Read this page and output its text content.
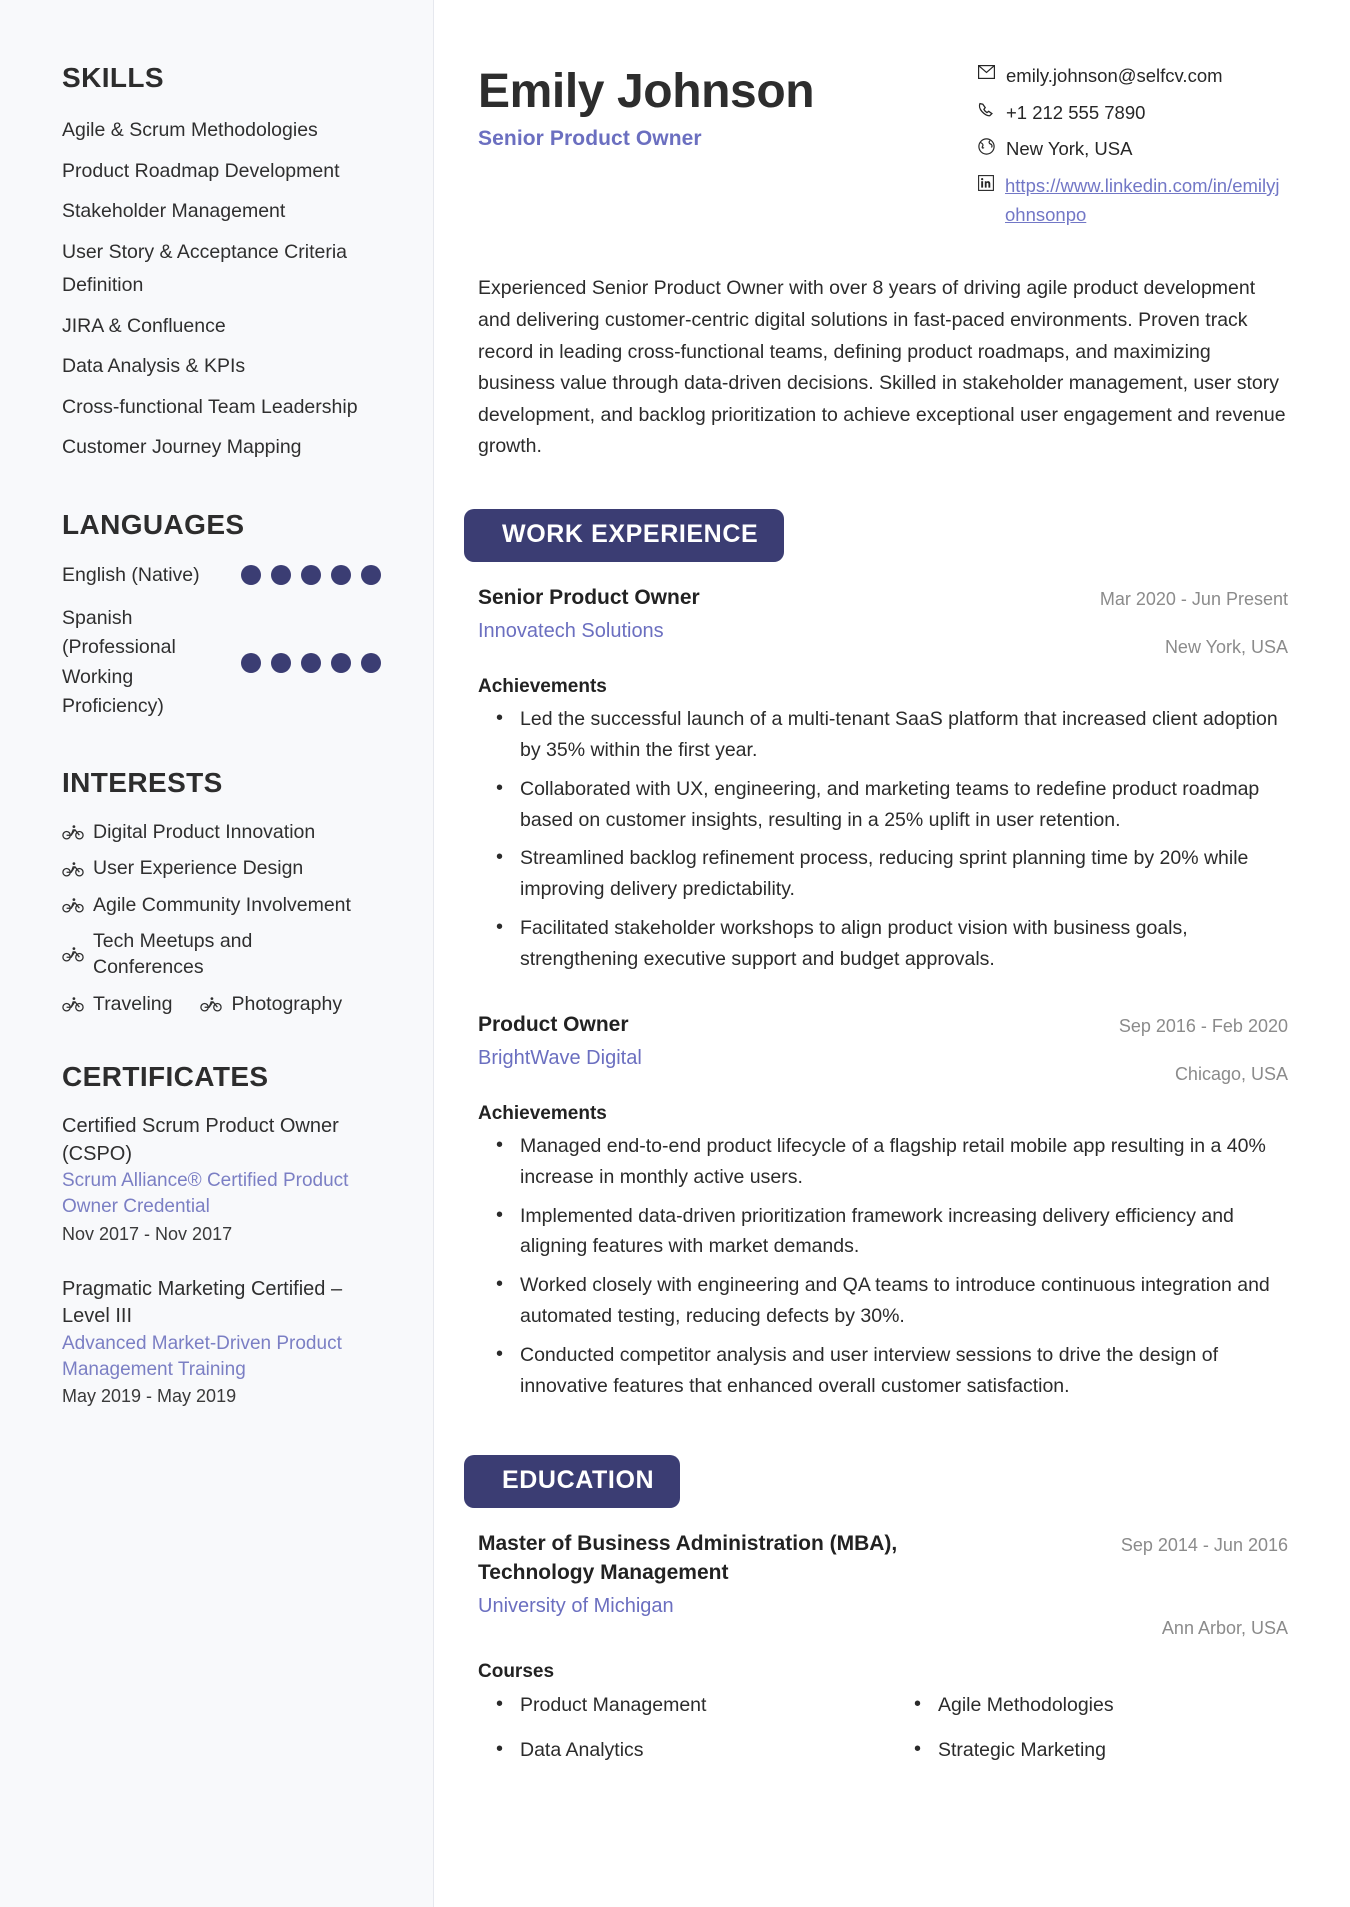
SKILLS
Agile & Scrum Methodologies
Product Roadmap Development
Stakeholder Management
User Story & Acceptance Criteria Definition
JIRA & Confluence
Data Analysis & KPIs
Cross-functional Team Leadership
Customer Journey Mapping
LANGUAGES
English (Native)
Spanish (Professional Working Proficiency)
INTERESTS
Digital Product Innovation
User Experience Design
Agile Community Involvement
Tech Meetups and Conferences
Traveling	Photography
CERTIFICATES
Certified Scrum Product Owner (CSPO)
Scrum Alliance® Certified Product Owner Credential
Nov 2017 - Nov 2017
Pragmatic Marketing Certified – Level III
Advanced Market-Driven Product Management Training
May 2019 - May 2019
Emily Johnson
Senior Product Owner
emily.johnson@selfcv.com
+1 212 555 7890
New York, USA
https://www.linkedin.com/in/emilyjohnsonpo

Experienced Senior Product Owner with over 8 years of driving agile product development and delivering customer-centric digital solutions in fast-paced environments. Proven track record in leading cross-functional teams, defining product roadmaps, and maximizing business value through data-driven decisions. Skilled in stakeholder management, user story development, and backlog prioritization to achieve exceptional user engagement and revenue growth.

WORK EXPERIENCE
Senior Product Owner
Innovatech Solutions
Mar 2020 - Jun Present
New York, USA
Achievements
• Led the successful launch of a multi-tenant SaaS platform that increased client adoption by 35% within the first year.
• Collaborated with UX, engineering, and marketing teams to redefine product roadmap based on customer insights, resulting in a 25% uplift in user retention.
• Streamlined backlog refinement process, reducing sprint planning time by 20% while improving delivery predictability.
• Facilitated stakeholder workshops to align product vision with business goals, strengthening executive support and budget approvals.
Product Owner
BrightWave Digital
Sep 2016 - Feb 2020
Chicago, USA
Achievements
• Managed end-to-end product lifecycle of a flagship retail mobile app resulting in a 40% increase in monthly active users.
• Implemented data-driven prioritization framework increasing delivery efficiency and aligning features with market demands.
• Worked closely with engineering and QA teams to introduce continuous integration and automated testing, reducing defects by 30%.
• Conducted competitor analysis and user interview sessions to drive the design of innovative features that enhanced overall customer satisfaction.
EDUCATION
Master of Business Administration (MBA), Technology Management
University of Michigan
Sep 2014 - Jun 2016
Ann Arbor, USA
Courses
• Product Management	• Agile Methodologies
• Data Analytics	• Strategic Marketing
